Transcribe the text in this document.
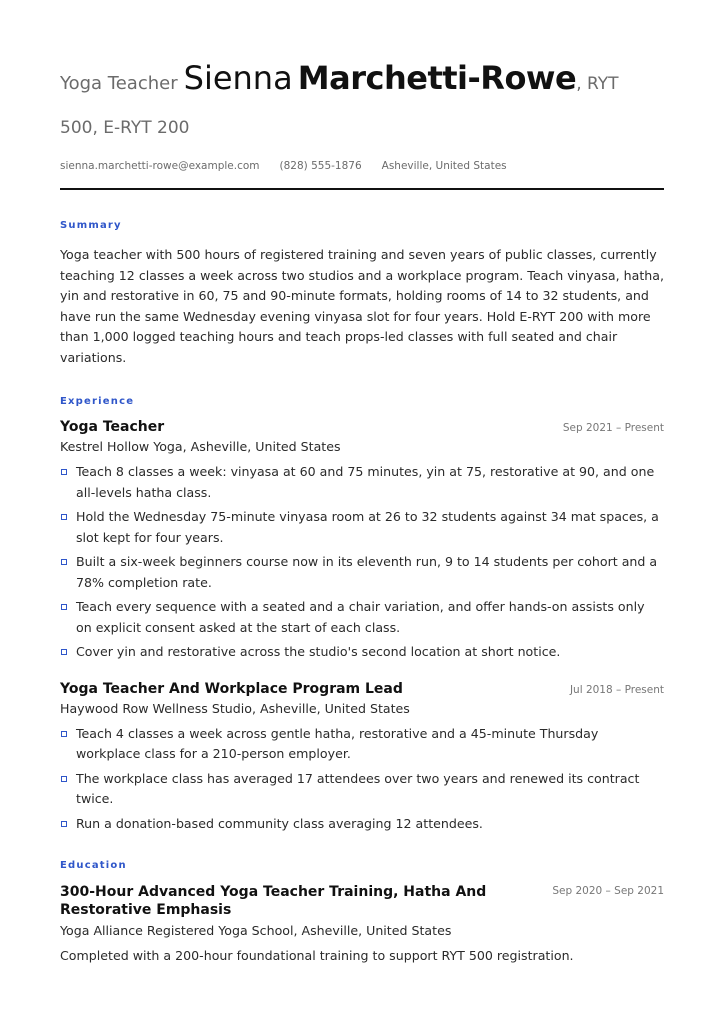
Yoga Teacher Sienna Marchetti-Rowe, RYT 500, E-RYT 200
sienna.marchetti-rowe@example.com (828) 555-1876 Asheville, United States
Summary
Yoga teacher with 500 hours of registered training and seven years of public classes, currently teaching 12 classes a week across two studios and a workplace program. Teach vinyasa, hatha, yin and restorative in 60, 75 and 90-minute formats, holding rooms of 14 to 32 students, and have run the same Wednesday evening vinyasa slot for four years. Hold E-RYT 200 with more than 1,000 logged teaching hours and teach props-led classes with full seated and chair variations.
Experience
Yoga Teacher	Sep 2021 – Present
Kestrel Hollow Yoga, Asheville, United States
Teach 8 classes a week: vinyasa at 60 and 75 minutes, yin at 75, restorative at 90, and one all-levels hatha class.
Hold the Wednesday 75-minute vinyasa room at 26 to 32 students against 34 mat spaces, a slot kept for four years.
Built a six-week beginners course now in its eleventh run, 9 to 14 students per cohort and a 78% completion rate.
Teach every sequence with a seated and a chair variation, and offer hands-on assists only on explicit consent asked at the start of each class.
Cover yin and restorative across the studio's second location at short notice.
Yoga Teacher And Workplace Program Lead	Jul 2018 – Present
Haywood Row Wellness Studio, Asheville, United States
Teach 4 classes a week across gentle hatha, restorative and a 45-minute Thursday workplace class for a 210-person employer.
The workplace class has averaged 17 attendees over two years and renewed its contract twice.
Run a donation-based community class averaging 12 attendees.
Education
300-Hour Advanced Yoga Teacher Training, Hatha And Restorative Emphasis
Sep 2020 – Sep 2021
Yoga Alliance Registered Yoga School, Asheville, United States
Completed with a 200-hour foundational training to support RYT 500 registration.
